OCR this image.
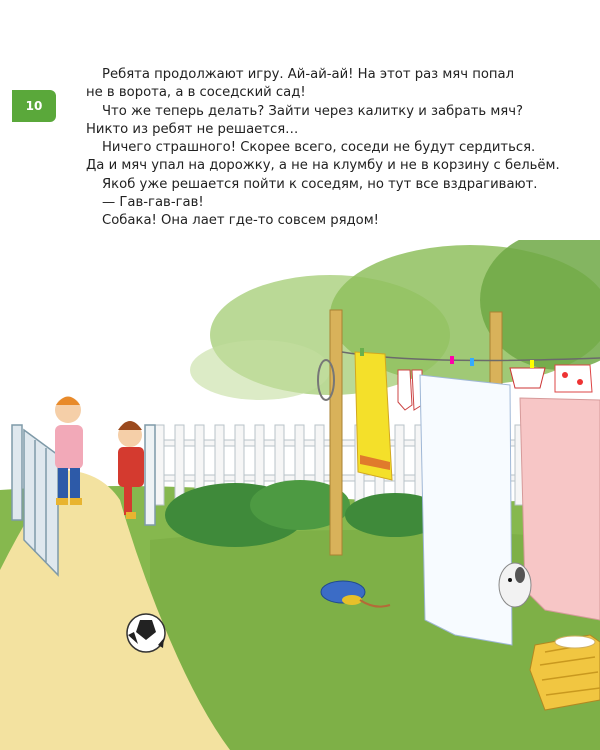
10

Ребята продолжают игру. Ай-ай-ай! На этот раз мяч попал

не в ворота, а в соседский сад!

Что же теперь делать? Зайти через калитку и забрать мяч?

Никто из ребят не решается…

Ничего страшного! Скорее всего, соседи не будут сердиться.

Да и мяч упал на дорожку, а не на клумбу и не в корзину с бельём.

Якоб уже решается пойти к соседям, но тут все вздрагивают.

— Гав-гав-гав!

Собака! Она лает где-то совсем рядом!
